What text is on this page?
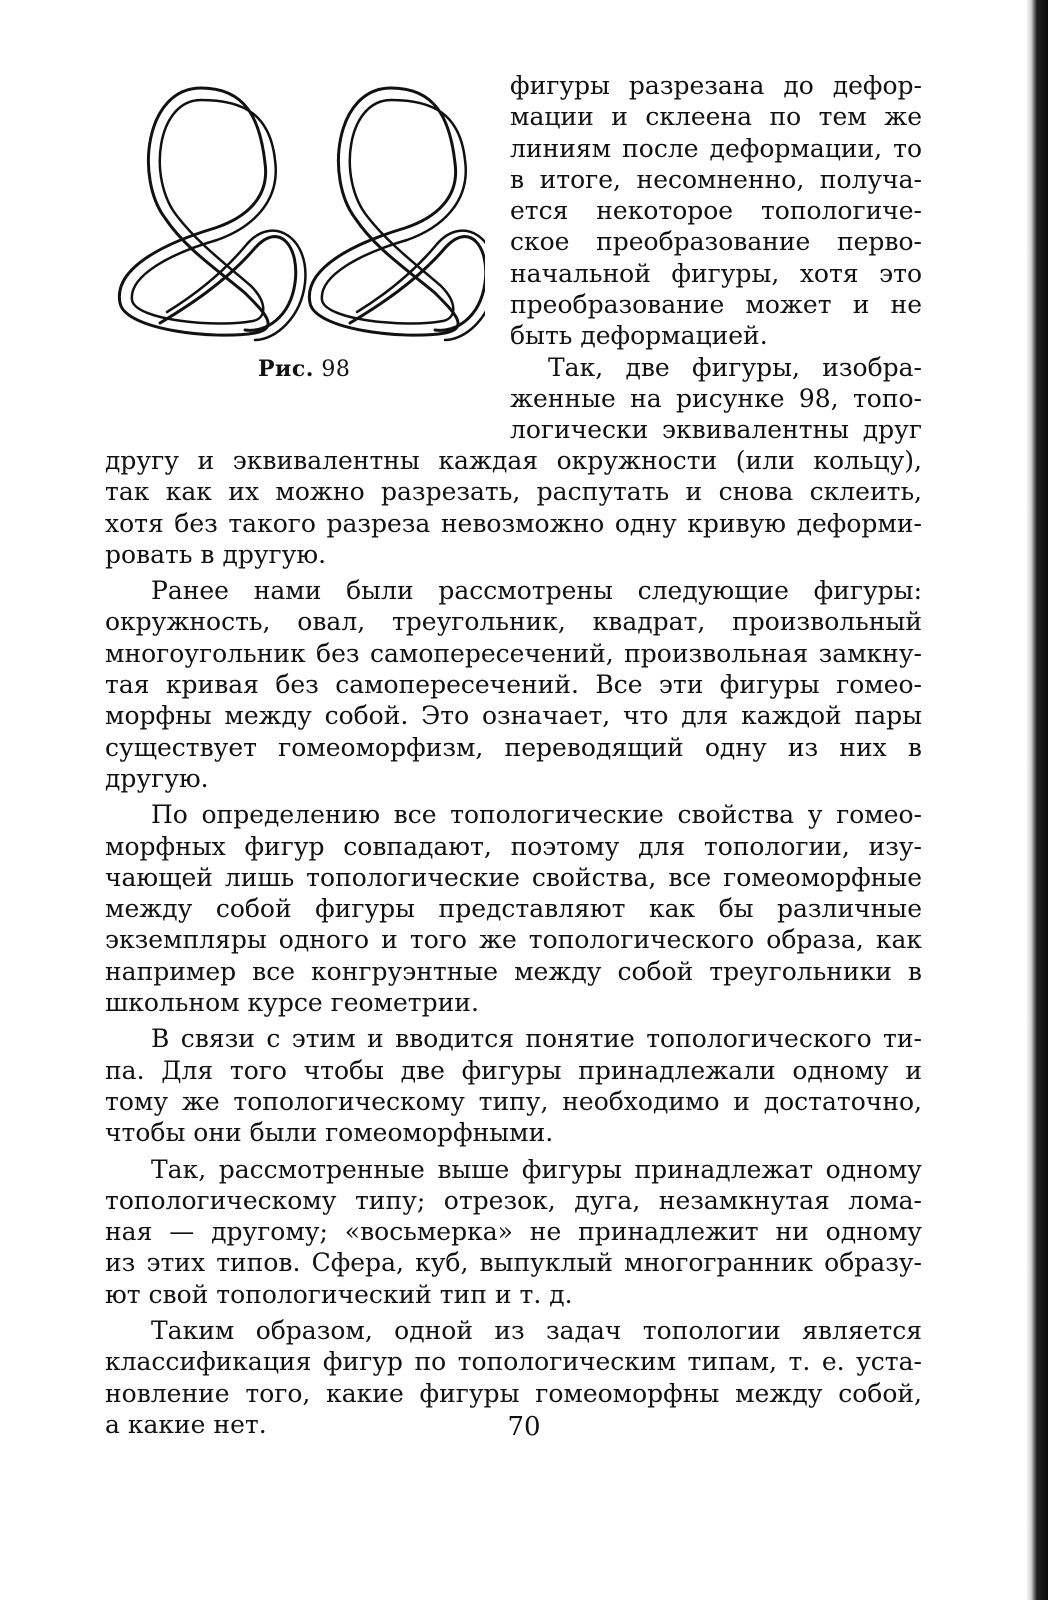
Рис. 98
фигуры разрезана до дефор-
мации и склеена по тем же
линиям после деформации, то
в итоге, несомненно, получа-
ется некоторое топологиче-
ское преобразование перво-
начальной фигуры, хотя это
преобразование может и не
быть деформацией.
Так, две фигуры, изобра-
женные на рисунке 98, топо-
логически эквивалентны друг
другу и эквивалентны каждая окружности (или кольцу),
так как их можно разрезать, распутать и снова склеить,
хотя без такого разреза невозможно одну кривую деформи-
ровать в другую.
Ранее нами были рассмотрены следующие фигуры:
окружность, овал, треугольник, квадрат, произвольный
многоугольник без самопересечений, произвольная замкну-
тая кривая без самопересечений. Все эти фигуры гомео-
морфны между собой. Это означает, что для каждой пары
существует гомеоморфизм, переводящий одну из них в
другую.
По определению все топологические свойства у гомео-
морфных фигур совпадают, поэтому для топологии, изу-
чающей лишь топологические свойства, все гомеоморфные
между собой фигуры представляют как бы различные
экземпляры одного и того же топологического образа, как
например все конгруэнтные между собой треугольники в
школьном курсе геометрии.
В связи с этим и вводится понятие топологического ти-
па. Для того чтобы две фигуры принадлежали одному и
тому же топологическому типу, необходимо и достаточно,
чтобы они были гомеоморфными.
Так, рассмотренные выше фигуры принадлежат одному
топологическому типу; отрезок, дуга, незамкнутая лома-
ная — другому; «восьмерка» не принадлежит ни одному
из этих типов. Сфера, куб, выпуклый многогранник образу-
ют свой топологический тип и т. д.
Таким образом, одной из задач топологии является
классификация фигур по топологическим типам, т. е. уста-
новление того, какие фигуры гомеоморфны между собой,
а какие нет.	70
